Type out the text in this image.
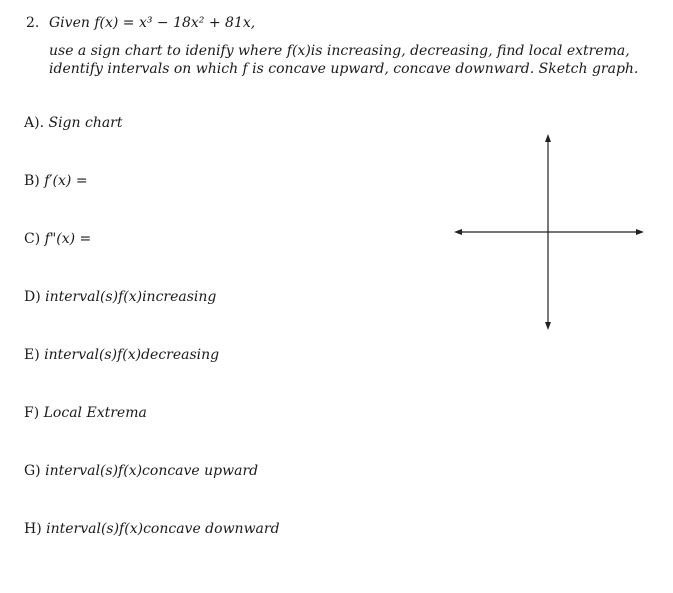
2. Given f(x) = x³ − 18x² + 81x,
use a sign chart to idenify where f(x)is increasing, decreasing, find local extrema,
identify intervals on which f is concave upward, concave downward. Sketch graph.
A). Sign chart
B) f′(x) =
C) f"(x) =
D) interval(s)f(x)increasing
E) interval(s)f(x)decreasing
F) Local Extrema
G) interval(s)f(x)concave upward
H) interval(s)f(x)concave downward
